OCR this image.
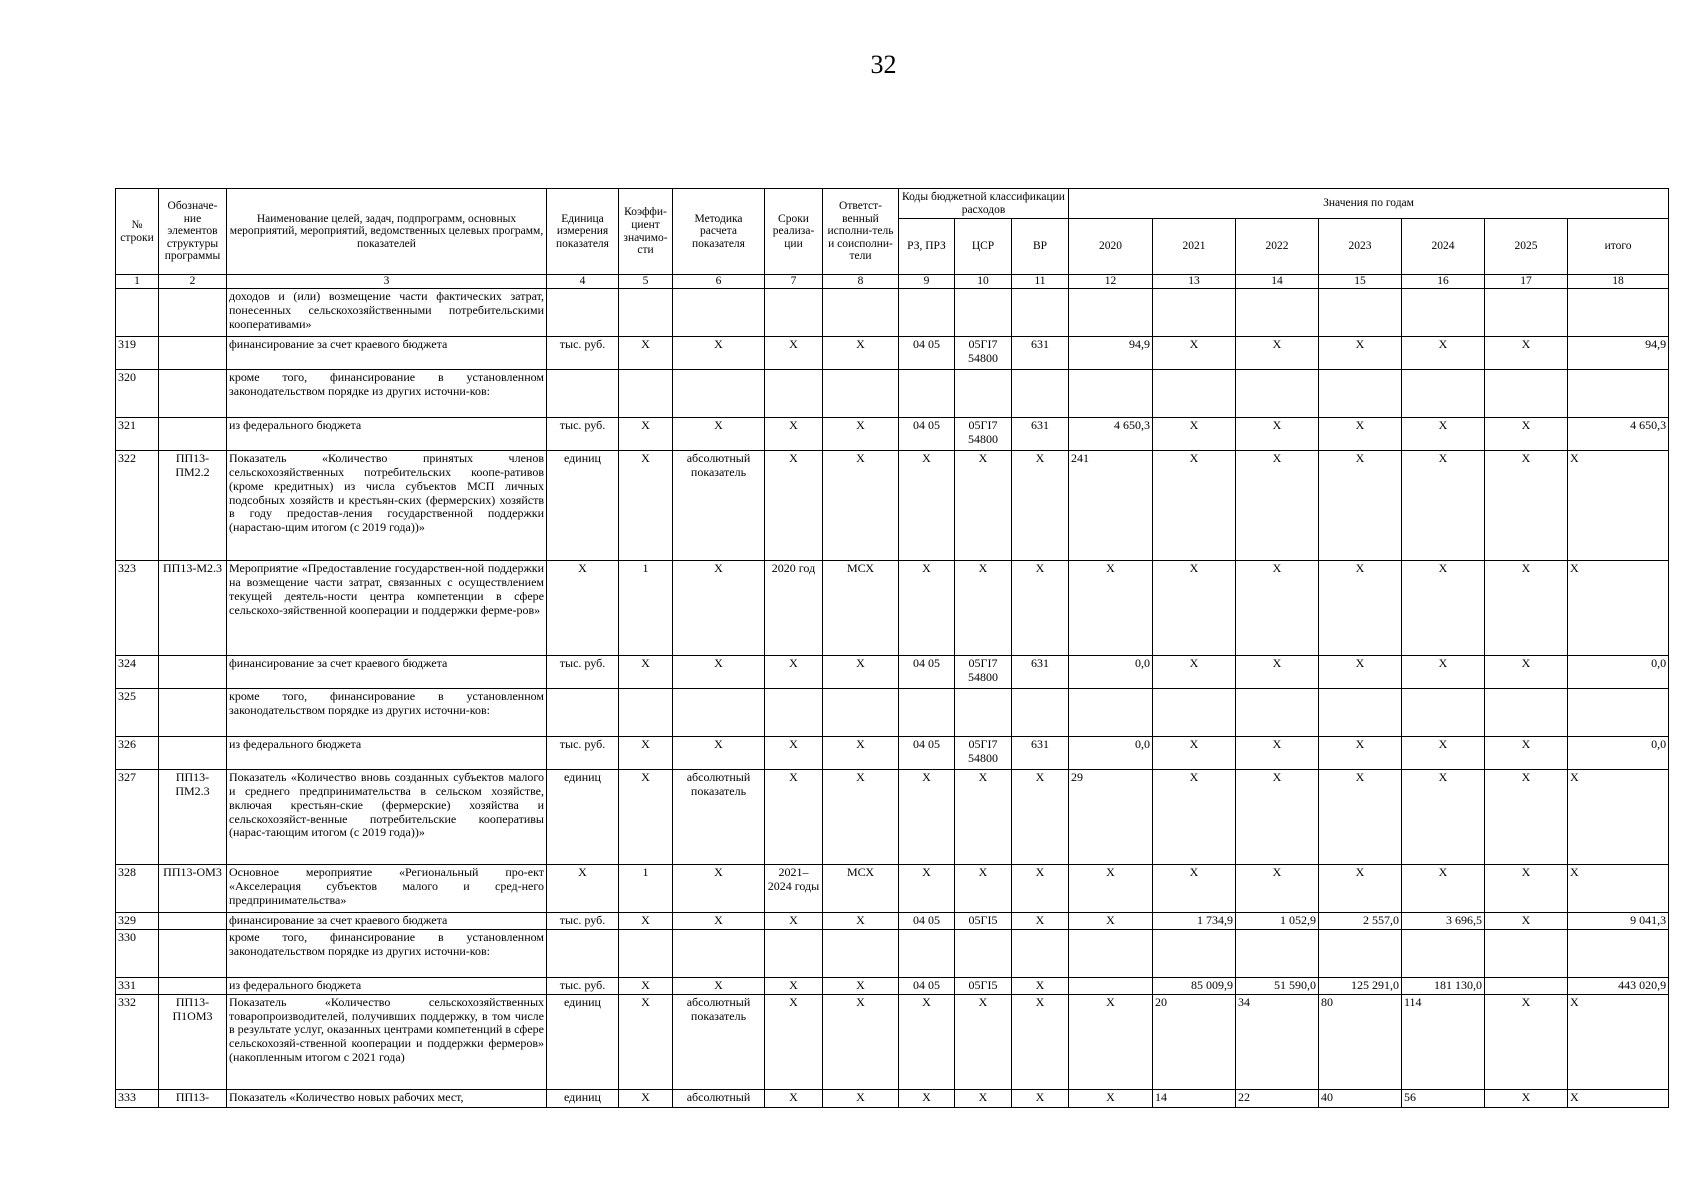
32
№ строки	Обозначе-ние элементов структуры программы	Наименование целей, задач, подпрограмм, основных мероприятий, мероприятий, ведомственных целевых программ, показателей	Единица измерения показателя	Коэффи-циент значимо-сти	Методика расчета показателя	Сроки реализа-ции	Ответст-венный исполни-тель и соисполни-тели	Коды бюджетной классификации расходов			Значения по годам						
								РЗ, ПРЗ	ЦСР	ВР	2020	2021	2022	2023	2024	2025	итого
1	2	3	4	5	6	7	8	9	10	11	12	13	14	15	16	17	18
		доходов и (или) возмещение части фактических затрат, понесенных сельскохозяйственными потребительскими кооперативами»															
319		финансирование за счет краевого бюджета	тыс. руб.	Х	Х	Х	Х	04 05	05ГI7 54800	631	94,9	Х	Х	Х	Х	Х	94,9
320		кроме того, финансирование в установленном законодательством порядке из других источни-ков:															
321		из федерального бюджета	тыс. руб.	Х	Х	Х	Х	04 05	05ГI7 54800	631	4 650,3	Х	Х	Х	Х	Х	4 650,3
322	ПП13-ПМ2.2	Показатель «Количество принятых членов сельскохозяйственных потребительских коопе-ративов (кроме кредитных) из числа субъектов МСП личных подсобных хозяйств и крестьян-ских (фермерских) хозяйств в году предостав-ления государственной поддержки (нарастаю-щим итогом (с 2019 года))»	единиц	Х	абсолютный показатель	Х	Х	Х	Х	Х	241	Х	Х	Х	Х	Х	Х
323	ПП13-М2.3	Мероприятие «Предоставление государствен-ной поддержки на возмещение части затрат, связанных с осуществлением текущей деятель-ности центра компетенции в сфере сельскохо-зяйственной кооперации и поддержки ферме-ров»	Х	1	Х	2020 год	МСХ	Х	Х	Х	Х	Х	Х	Х	Х	Х	Х
324		финансирование за счет краевого бюджета	тыс. руб.	Х	Х	Х	Х	04 05	05ГI7 54800	631	0,0	Х	Х	Х	Х	Х	0,0
325		кроме того, финансирование в установленном законодательством порядке из других источни-ков:															
326		из федерального бюджета	тыс. руб.	Х	Х	Х	Х	04 05	05ГI7 54800	631	0,0	Х	Х	Х	Х	Х	0,0
327	ПП13-ПМ2.3	Показатель «Количество вновь созданных субъектов малого и среднего предпринимательства в сельском хозяйстве, включая крестьян-ские (фермерские) хозяйства и сельскохозяйст-венные потребительские кооперативы (нарас-тающим итогом (с 2019 года))»	единиц	Х	абсолютный показатель	Х	Х	Х	Х	Х	29	Х	Х	Х	Х	Х	Х
328	ПП13-ОМ3	Основное мероприятие «Региональный про-ект «Акселерация субъектов малого и сред-него предпринимательства»	Х	1	Х	2021–2024 годы	МСХ	Х	Х	Х	Х	Х	Х	Х	Х	Х	Х
329		финансирование за счет краевого бюджета	тыс. руб.	Х	Х	Х	Х	04 05	05ГI5	Х	Х	1 734,9	1 052,9	2 557,0	3 696,5	Х	9 041,3
330		кроме того, финансирование в установленном законодательством порядке из других источни-ков:															
331		из федерального бюджета	тыс. руб.	Х	Х	Х	Х	04 05	05ГI5	Х		85 009,9	51 590,0	125 291,0	181 130,0		443 020,9
332	ПП13-П1ОМ3	Показатель «Количество сельскохозяйственных товаропроизводителей, получивших поддержку, в том числе в результате услуг, оказанных центрами компетенций в сфере сельскохозяй-ственной кооперации и поддержки фермеров» (накопленным итогом с 2021 года)	единиц	Х	абсолютный показатель	Х	Х	Х	Х	Х	Х	20	34	80	114	Х	Х
333	ПП13-	Показатель «Количество новых рабочих мест,	единиц	Х	абсолютный	Х	Х	Х	Х	Х	Х	14	22	40	56	Х	Х
